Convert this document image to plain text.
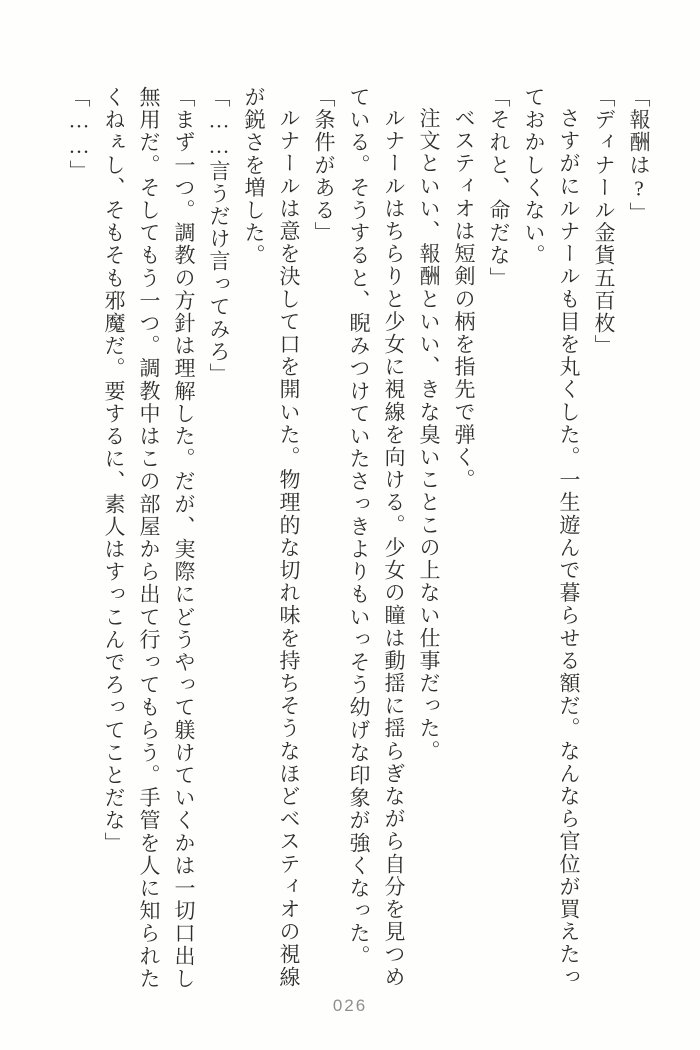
「報酬は?」

「ディナール金貨五百枚」

さすがにルナールも目を丸くした。一生遊んで暮らせる額だ。なんなら官位が買えたっておかしくない。

「それと、命だな」

ベスティオは短剣の柄を指先で弾く。

注文といい、報酬といい、きな臭いことこの上ない仕事だった。

ルナールはちらりと少女に視線を向ける。少女の瞳は動揺に揺らぎながら自分を見つめている。そうすると、睨みつけていたさっきよりもいっそう幼げな印象が強くなった。

「条件がある」

ルナールは意を決して口を開いた。物理的な切れ味を持ちそうなほどベスティオの視線が鋭さを増した。

「……言うだけ言ってみろ」

「まず一つ。調教の方針は理解した。だが、実際にどうやって躾けていくかは一切口出し無用だ。そしてもう一つ。調教中はこの部屋から出て行ってもらう。手管を人に知られたくねぇし、そもそも邪魔だ。要するに、素人はすっこんでろってことだな」

「……」

026
